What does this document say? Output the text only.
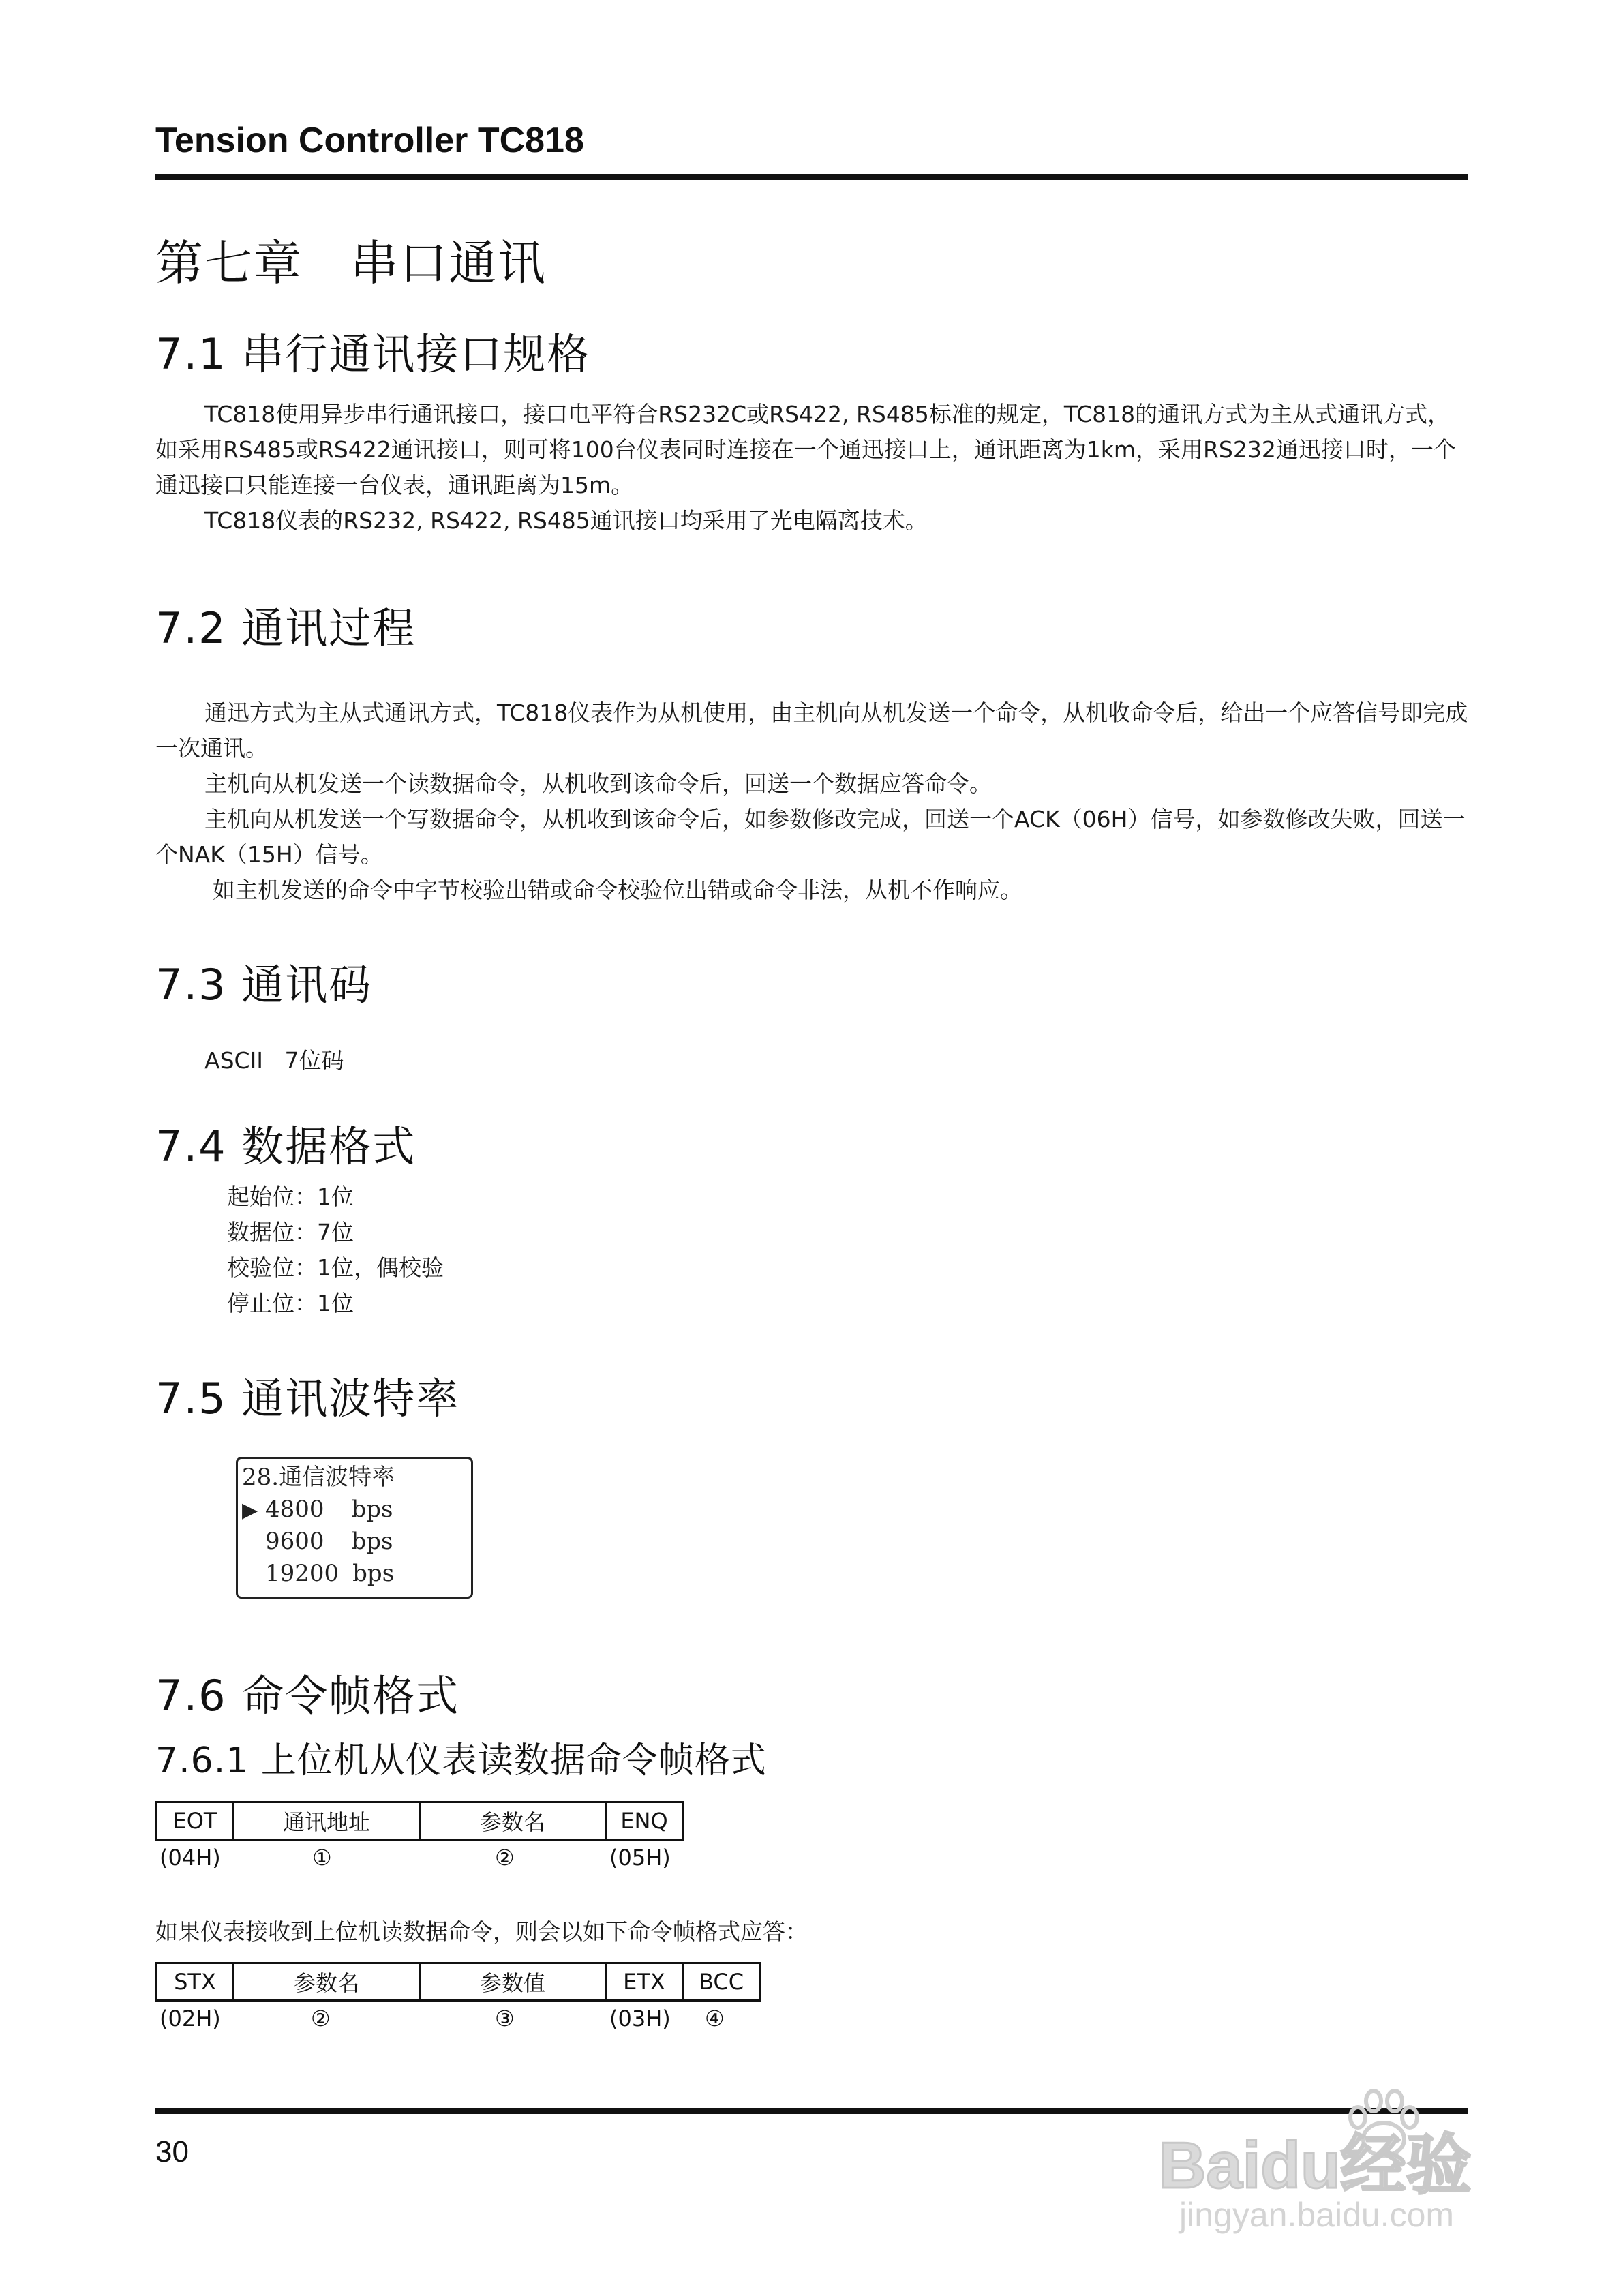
Tension Controller TC818
第七章 串口通讯
7.1 串行通讯接口规格

TC818使用异步串行通讯接口，接口电平符合RS232C或RS422, RS485标准的规定，TC818的通讯方式为主从式通讯方式，如采用RS485或RS422通讯接口，则可将100台仪表同时连接在一个通迅接口上，通讯距离为1km，采用RS232通迅接口时，一个通迅接口只能连接一台仪表，通讯距离为15m。

TC818仪表的RS232, RS422, RS485通讯接口均采用了光电隔离技术。

7.2 通讯过程

通迅方式为主从式通讯方式，TC818仪表作为从机使用，由主机向从机发送一个命令，从机收命令后，给出一个应答信号即完成一次通讯。

主机向从机发送一个读数据命令，从机收到该命令后，回送一个数据应答命令。

主机向从机发送一个写数据命令，从机收到该命令后，如参数修改完成，回送一个ACK（06H）信号，如参数修改失败，回送一个NAK（15H）信号。

如主机发送的命令中字节校验出错或命令校验位出错或命令非法，从机不作响应。

7.3 通讯码
ASCII   7位码
7.4 数据格式
起始位：1位
数据位：7位
校验位：1位，偶校验
停止位：1位
7.5 通讯波特率
28.通信波特率
▶ 4800 bps
9600 bps
19200 bps
7.6 命令帧格式
7.6.1 上位机从仪表读数据命令帧格式
EOT	通讯地址	参数名	ENQ
(04H)	①	②	(05H)
如果仪表接收到上位机读数据命令，则会以如下命令帧格式应答：
STX	参数名	参数值	ETX	BCC
(02H)	②	③	(03H) ④
30	Baidu经验
jingyan.baidu.com
